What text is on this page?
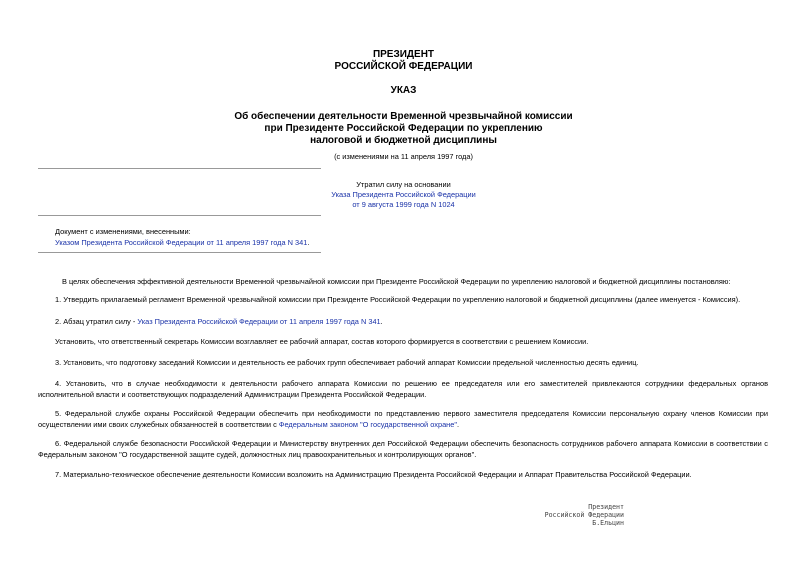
ПРЕЗИДЕНТ
РОССИЙСКОЙ ФЕДЕРАЦИИ
УКАЗ
Об обеспечении деятельности Временной чрезвычайной комиссии
при Президенте Российской Федерации по укреплению
налоговой и бюджетной дисциплины
(с изменениями на 11 апреля 1997 года)
Утратил силу на основании
Указа Президента Российской Федерации
от 9 августа 1999 года N 1024
Документ с изменениями, внесенными:
Указом Президента Российской Федерации от 11 апреля 1997 года N 341.
В целях обеспечения эффективной деятельности Временной чрезвычайной комиссии при Президенте Российской Федерации по укреплению налоговой и бюджетной дисциплины постановляю:
1. Утвердить прилагаемый регламент Временной чрезвычайной комиссии при Президенте Российской Федерации по укреплению налоговой и бюджетной дисциплины (далее именуется - Комиссия).
2. Абзац утратил силу - Указ Президента Российской Федерации от 11 апреля 1997 года N 341.
Установить, что ответственный секретарь Комиссии возглавляет ее рабочий аппарат, состав которого формируется в соответствии с решением Комиссии.
3. Установить, что подготовку заседаний Комиссии и деятельность ее рабочих групп обеспечивает рабочий аппарат Комиссии предельной численностью десять единиц.
4. Установить, что в случае необходимости к деятельности рабочего аппарата Комиссии по решению ее председателя или его заместителей привлекаются сотрудники федеральных органов исполнительной власти и соответствующих подразделений Администрации Президента Российской Федерации.
5. Федеральной службе охраны Российской Федерации обеспечить при необходимости по представлению первого заместителя председателя Комиссии персональную охрану членов Комиссии при осуществлении ими своих служебных обязанностей в соответствии с Федеральным законом "О государственной охране".
6. Федеральной службе безопасности Российской Федерации и Министерству внутренних дел Российской Федерации обеспечить безопасность сотрудников рабочего аппарата Комиссии в соответствии с Федеральным законом "О государственной защите судей, должностных лиц правоохранительных и контролирующих органов".
7. Материально-техническое обеспечение деятельности Комиссии возложить на Администрацию Президента Российской Федерации и Аппарат Правительства Российской Федерации.
Президент
Российской Федерации
Б.Ельцин
